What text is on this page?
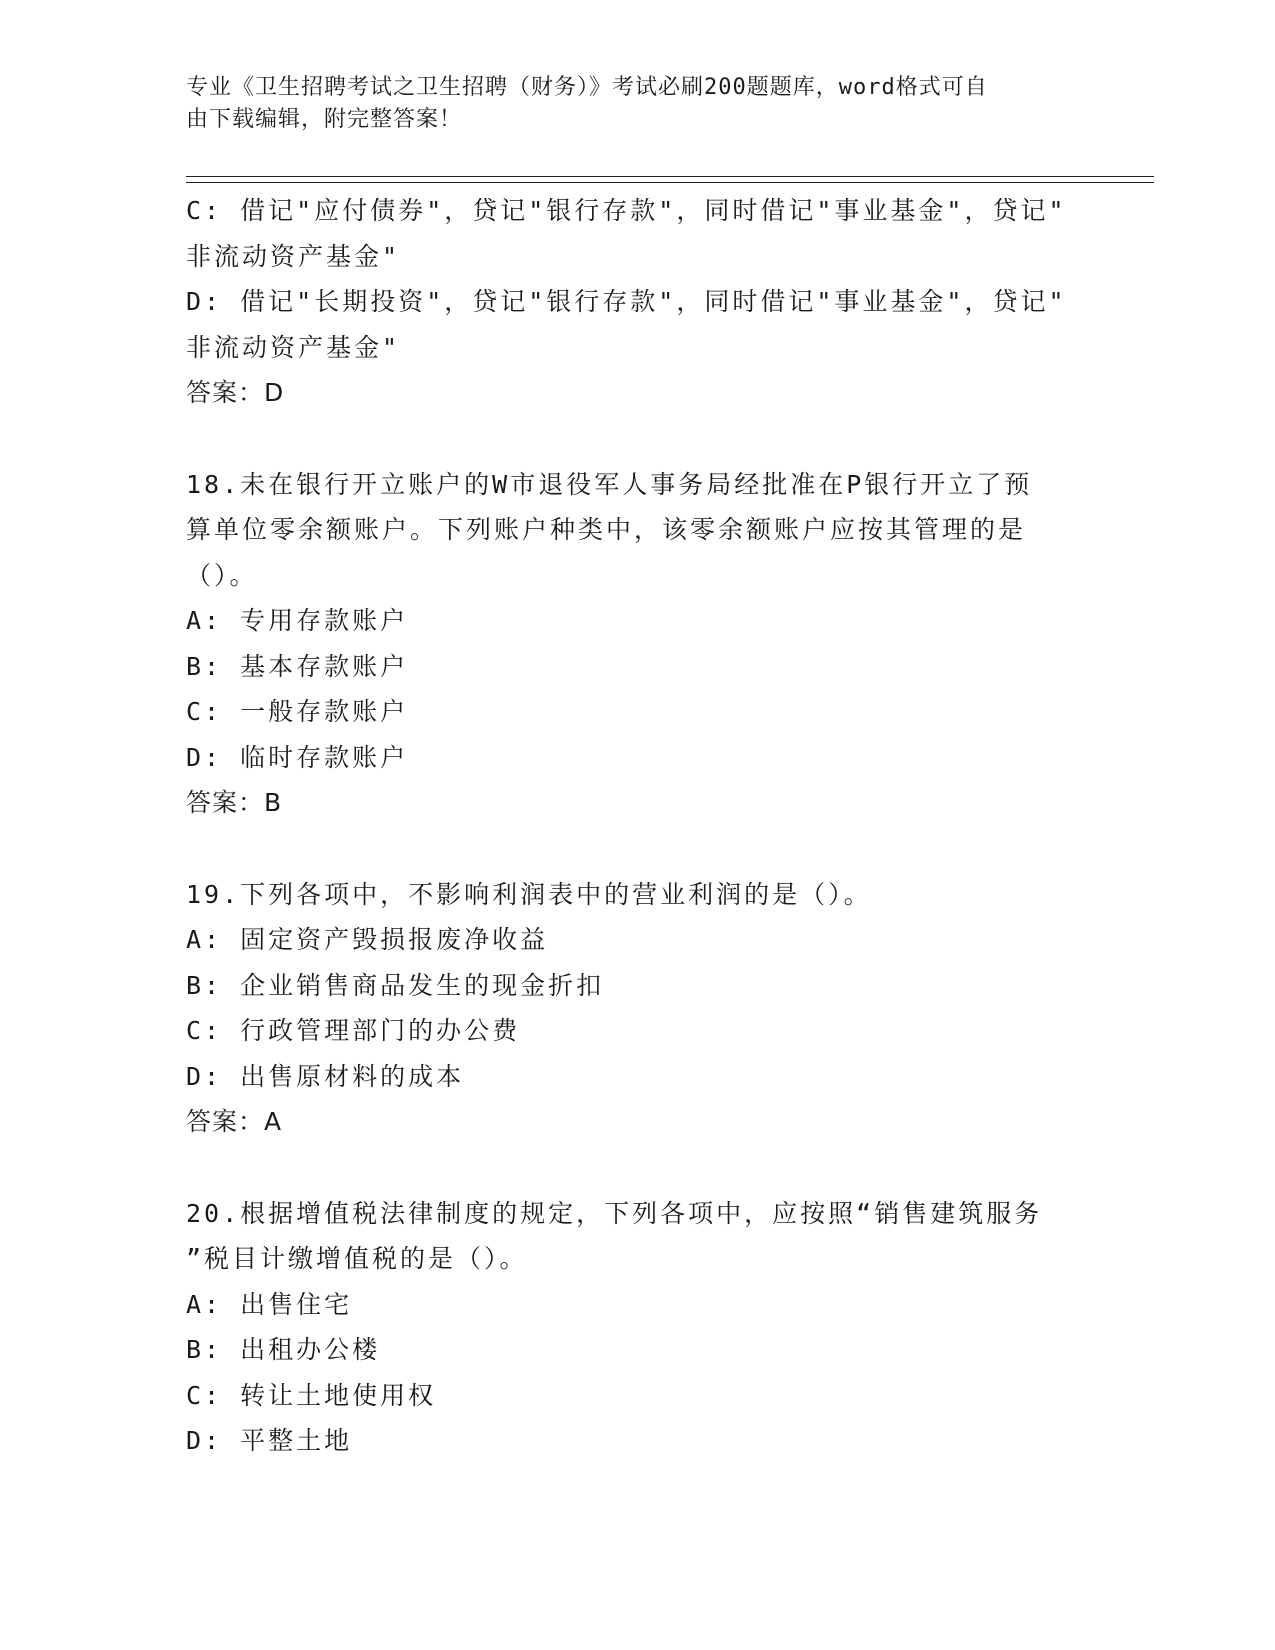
专业《卫生招聘考试之卫生招聘（财务）》考试必刷200题题库，word格式可自

由下载编辑，附完整答案！

C: 借记"应付债券"，贷记"银行存款"，同时借记"事业基金"，贷记"

非流动资产基金"

D: 借记"长期投资"，贷记"银行存款"，同时借记"事业基金"，贷记"

非流动资产基金"

答案：D

18.未在银行开立账户的W市退役军人事务局经批准在P银行开立了预

算单位零余额账户。下列账户种类中，该零余额账户应按其管理的是

（）。

A: 专用存款账户

B: 基本存款账户

C: 一般存款账户

D: 临时存款账户

答案：B

19.下列各项中，不影响利润表中的营业利润的是（）。

A: 固定资产毁损报废净收益

B: 企业销售商品发生的现金折扣

C: 行政管理部门的办公费

D: 出售原材料的成本

答案：A

20.根据增值税法律制度的规定，下列各项中，应按照“销售建筑服务

”税目计缴增值税的是（）。

A: 出售住宅

B: 出租办公楼

C: 转让土地使用权

D: 平整土地
